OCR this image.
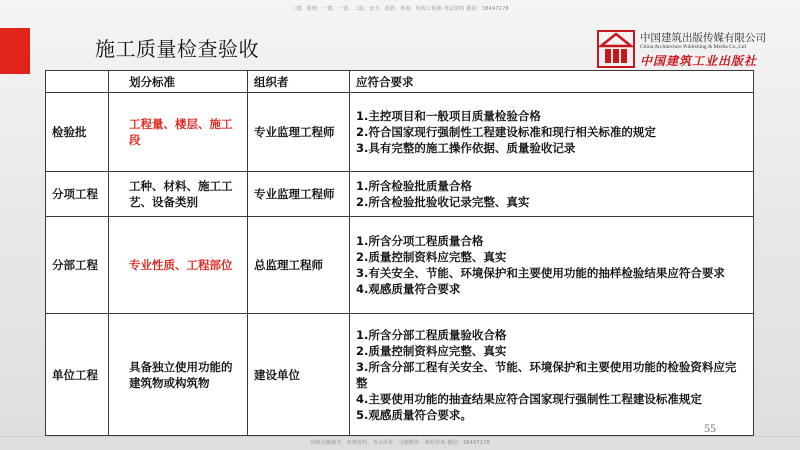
二建、监理、一建、一造、二造、安全、消防、咨询、结构工程师·考试资料 微信：38497178
施工质量检查验收	中国建筑出版传媒有限公司
China Architecture Publishing & Media Co.,Ltd
中国建筑工业出版社
	划分标准	组织者	应符合要求
检验批	工程量、楼层、施工段	专业监理工程师	1.主控项目和一般项目质量检验合格
2.符合国家现行强制性工程建设标准和现行相关标准的规定
3.具有完整的施工操作依据、质量验收记录

分项工程	工种、材料、施工工艺、设备类别	专业监理工程师	1.所含检验批质量合格
2.所含检验批验收记录完整、真实

分部工程	专业性质、工程部位	总监理工程师	1.所含分项工程质量合格
2.质量控制资料应完整、真实
3.有关安全、节能、环境保护和主要使用功能的抽样检验结果应符合要求
4.观感质量符合要求

单位工程	具备独立使用功能的建筑物或构筑物	建设单位	1.所含分部工程质量验收合格
2.质量控制资料应完整、真实
3.所含分部工程有关安全、节能、环境保护和主要使用功能的检验资料应完整
4.主要使用功能的抽查结果应符合国家现行强制性工程建设标准规定
5.观感质量符合要求。
55
名师直播辅导，免费资料，考点串讲，习题精讲 · 课程咨询 微信：38497178
